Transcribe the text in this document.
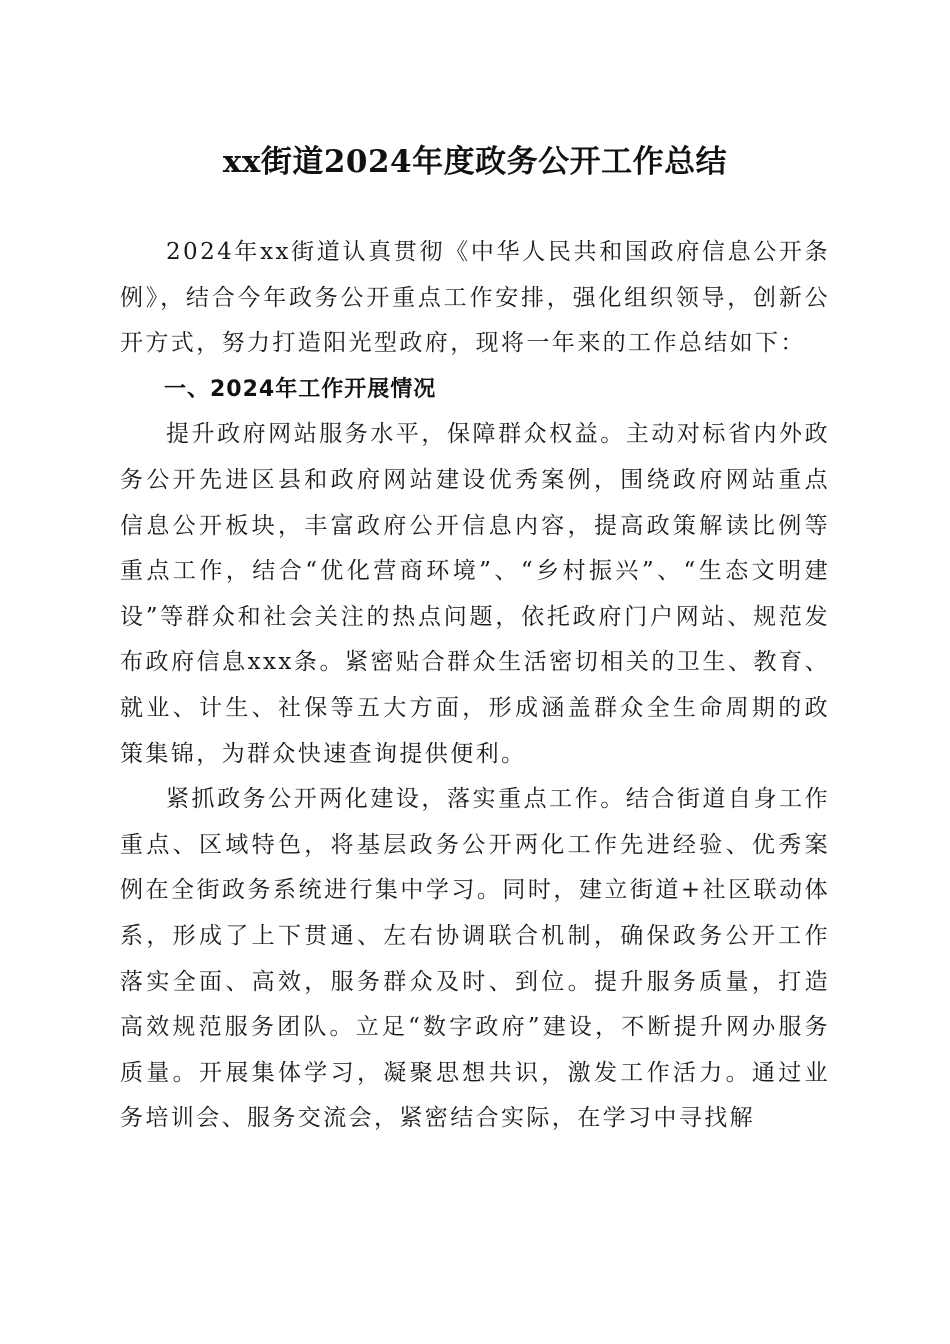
xx街道2024年度政务公开工作总结

2024年xx街道认真贯彻《中华人民共和国政府信息公开条例》，结合今年政务公开重点工作安排，强化组织领导，创新公开方式，努力打造阳光型政府，现将一年来的工作总结如下：

一、2024年工作开展情况

提升政府网站服务水平，保障群众权益。主动对标省内外政务公开先进区县和政府网站建设优秀案例，围绕政府网站重点信息公开板块，丰富政府公开信息内容，提高政策解读比例等重点工作，结合“优化营商环境”、“乡村振兴”、“生态文明建设”等群众和社会关注的热点问题，依托政府门户网站、规范发布政府信息xxx条。紧密贴合群众生活密切相关的卫生、教育、就业、计生、社保等五大方面，形成涵盖群众全生命周期的政策集锦，为群众快速查询提供便利。

紧抓政务公开两化建设，落实重点工作。结合街道自身工作重点、区域特色，将基层政务公开两化工作先进经验、优秀案例在全街政务系统进行集中学习。同时，建立街道+社区联动体系，形成了上下贯通、左右协调联合机制，确保政务公开工作落实全面、高效，服务群众及时、到位。提升服务质量，打造高效规范服务团队。立足“数字政府”建设，不断提升网办服务质量。开展集体学习，凝聚思想共识，激发工作活力。通过业务培训会、服务交流会，紧密结合实际，在学习中寻找解
